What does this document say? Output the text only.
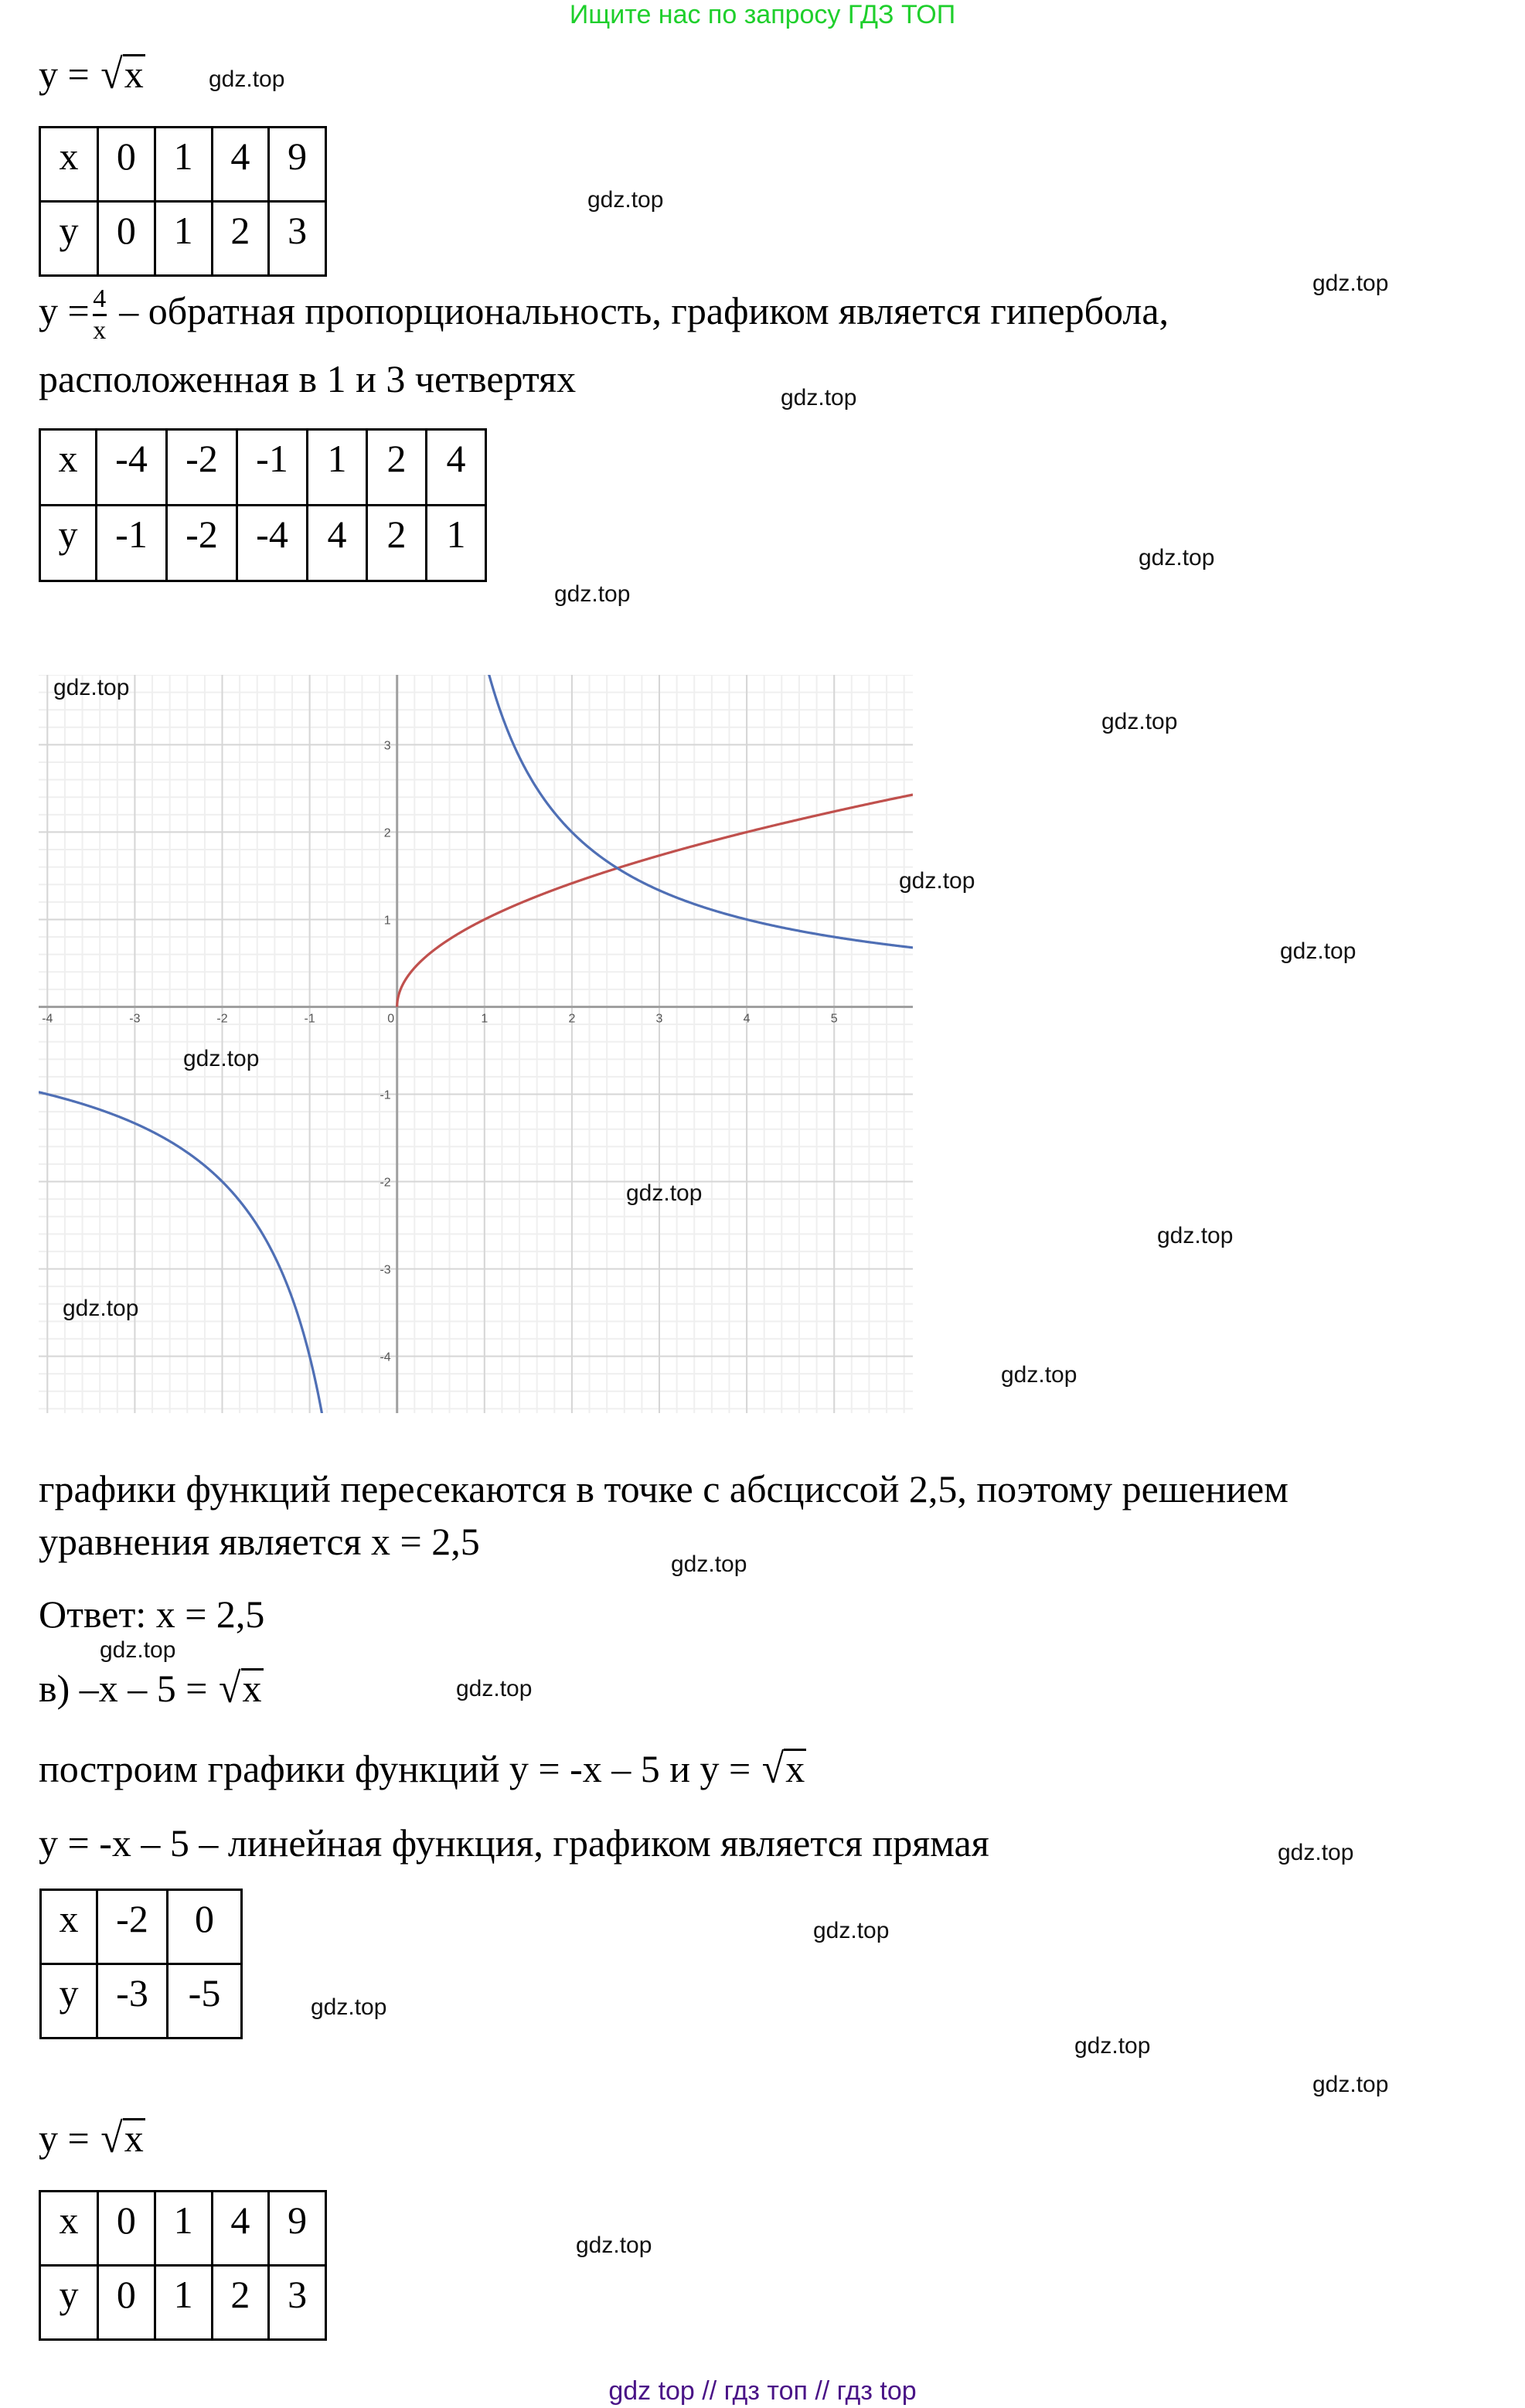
Ищите нас по запросу ГДЗ ТОП
y = √x
x	0	1	4	9
y	0	1	2	3
$y = \frac{4}{x}$ – обратная пропорциональность, графиком является гипербола,
расположенная в 1 и 3 четвертях
x	-4	-2	-1	1	2	4
y	-1	-2	-4	4	2	1
-4	-3	-2	-1	0	1	2	3	4	5
3
2
1
-1
-2
-3
-4
графики функций пересекаются в точке с абсциссой 2,5, поэтому решением
уравнения является x = 2,5
Ответ: x = 2,5
в) –x – 5 = √x
построим графики функций y = -x – 5 и y = √x
y = -x – 5 – линейная функция, графиком является прямая
x	-2	0
y	-3	-5
y = √x
x	0	1	4	9
y	0	1	2	3
gdz.top
gdz.top
gdz.top
gdz.top
gdz.top
gdz.top
gdz.top
gdz.top
gdz.top
gdz.top
gdz.top
gdz.top
gdz.top
gdz.top
gdz.top
gdz.top
gdz.top
gdz.top
gdz.top
gdz.top
gdz.top
gdz.top
gdz.top
gdz.top
gdz top // гдз топ // гдз top
